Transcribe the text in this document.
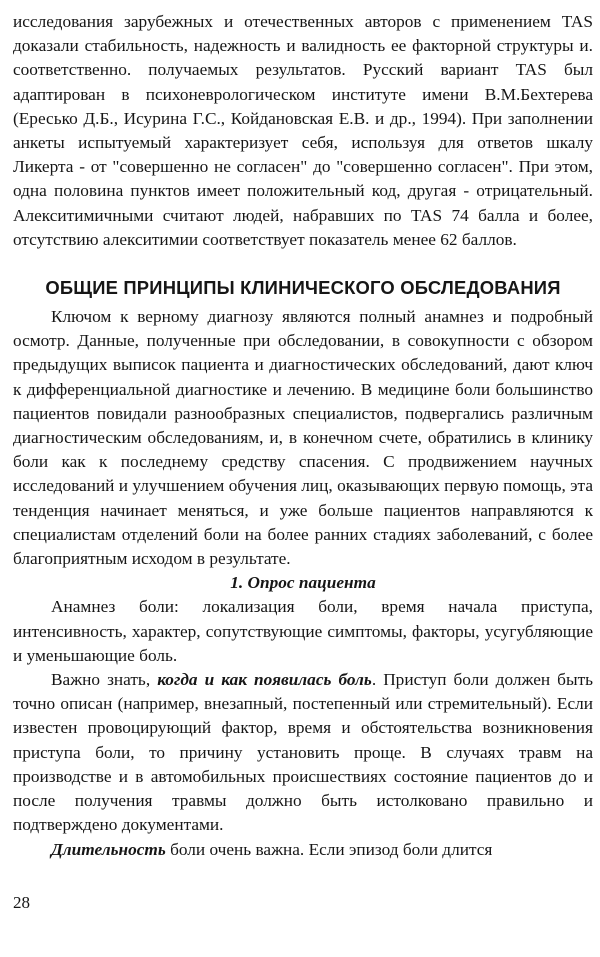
исследования зарубежных и отечественных авторов с применением TAS доказали стабильность, надежность и валидность ее факторной структуры и. соответственно. получаемых результатов. Русский вариант TAS был адаптирован в психоневрологическом институте имени В.М.Бехтерева (Ересько Д.Б., Исурина Г.С., Койдановская Е.В. и др., 1994). При заполнении анкеты испытуемый характеризует себя, используя для ответов шкалу Ликерта - от "совершенно не согласен" до "совершенно согласен". При этом, одна половина пунктов имеет положительный код, другая - отрицательный. Алекситимичными считают людей, набравших по TAS 74 балла и более, отсутствию алекситимии соответствует показатель менее 62 баллов.

ОБЩИЕ ПРИНЦИПЫ КЛИНИЧЕСКОГО ОБСЛЕДОВАНИЯ

Ключом к верному диагнозу являются полный анамнез и подробный осмотр. Данные, полученные при обследовании, в совокупности с обзором предыдущих выписок пациента и диагностических обследований, дают ключ к дифференциальной диагностике и лечению. В медицине боли большинство пациентов повидали разнообразных специалистов, подвергались различным диагностическим обследованиям, и, в конечном счете, обратились в клинику боли как к последнему средству спасения. С продвижением научных исследований и улучшением обучения лиц, оказывающих первую помощь, эта тенденция начинает меняться, и уже больше пациентов направляются к специалистам отделений боли на более ранних стадиях заболеваний, с более благоприятным исходом в результате.

1. Опрос пациента

Анамнез боли: локализация боли, время начала приступа, интенсивность, характер, сопутствующие симптомы, факторы, усугубляющие и уменьшающие боль.

Важно знать, когда и как появилась боль. Приступ боли должен быть точно описан (например, внезапный, постепенный или стремительный). Если известен провоцирующий фактор, время и обстоятельства возникновения приступа боли, то причину установить проще. В случаях травм на производстве и в автомобильных происшествиях состояние пациентов до и после получения травмы должно быть истолковано правильно и подтверждено документами.

Длительность боли очень важна. Если эпизод боли длится

28
